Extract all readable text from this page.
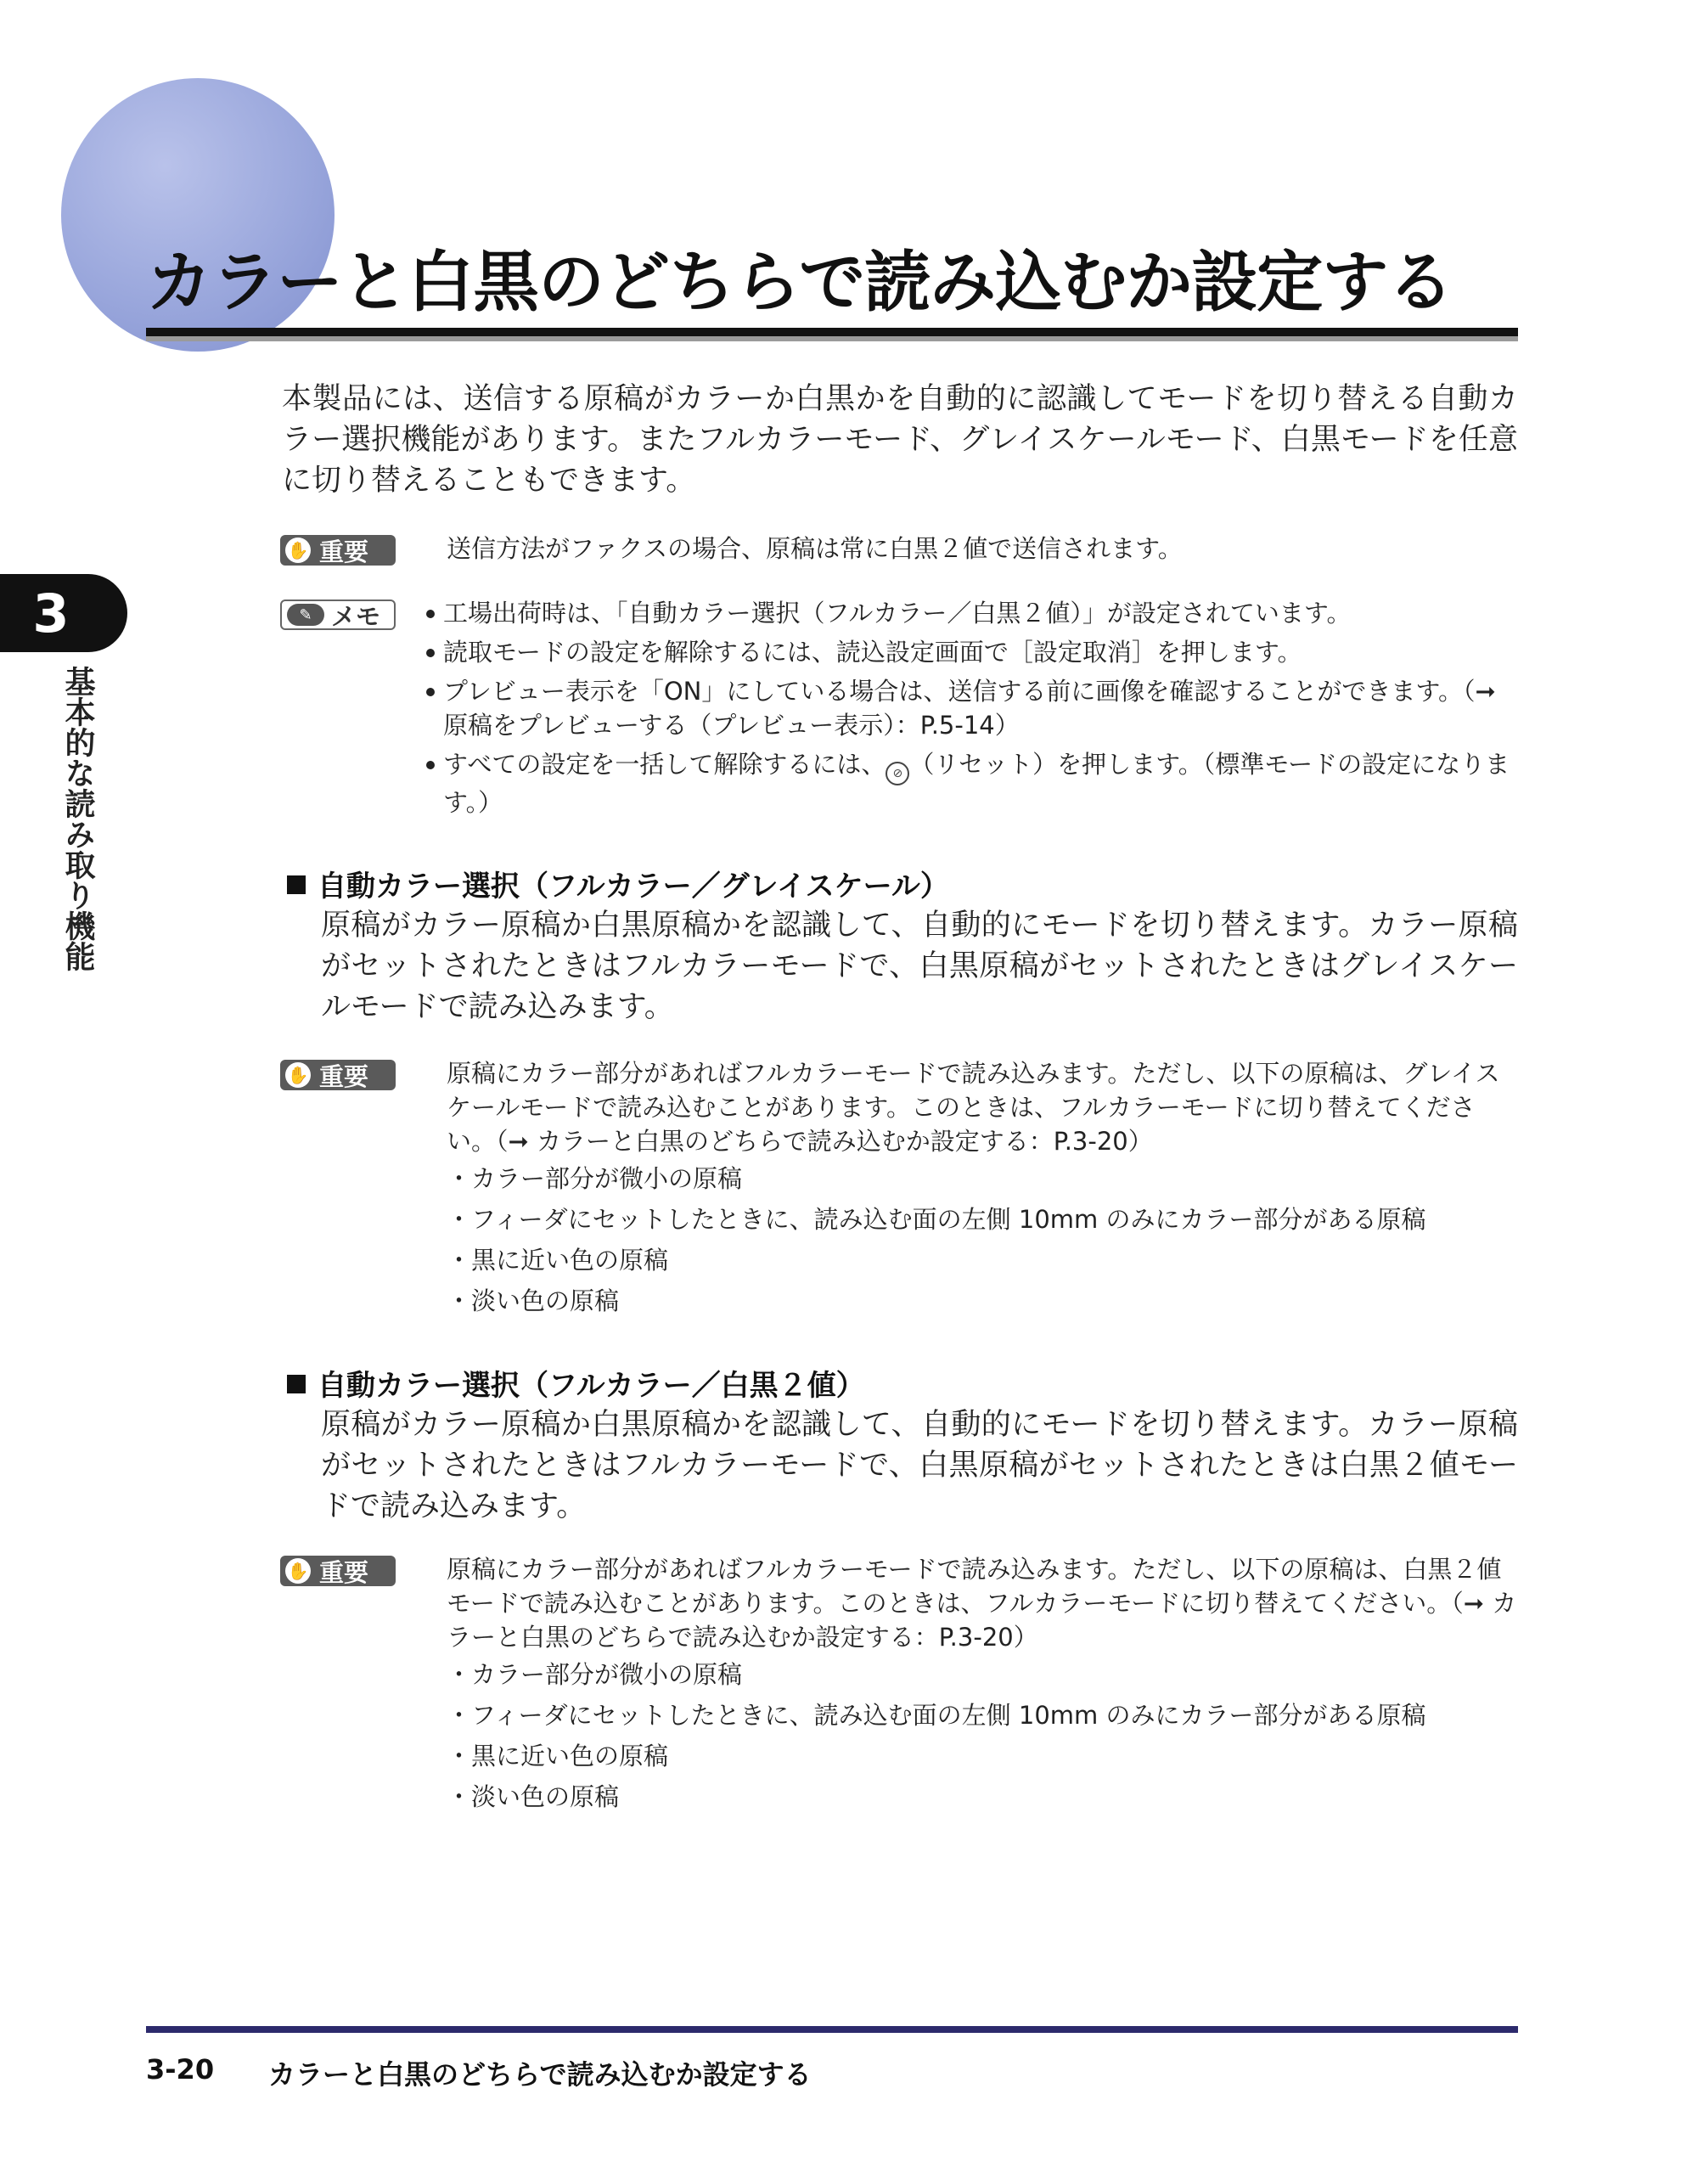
カラーと白黒のどちらで読み込むか設定する
3
基本的な読み取り機能
本製品には、送信する原稿がカラーか白黒かを自動的に認識してモードを切り替える自動カラー選択機能があります。またフルカラーモード、グレイスケールモード、白黒モードを任意に切り替えることもできます。
✋ 重要	送信方法がファクスの場合、原稿は常に白黒２値で送信されます。

✎ メモ	工場出荷時は、「自動カラー選択（フルカラー／白黒２値）」が設定されています。
読取モードの設定を解除するには、読込設定画面で［設定取消］を押します。
プレビュー表示を「ON」にしている場合は、送信する前に画像を確認することができます。（➞ 原稿をプレビューする（プレビュー表示）：P.5-14）
すべての設定を一括して解除するには、 ⊘ （リセット）を押します。（標準モードの設定になります。）
自動カラー選択（フルカラー／グレイスケール）
原稿がカラー原稿か白黒原稿かを認識して、自動的にモードを切り替えます。カラー原稿がセットされたときはフルカラーモードで、白黒原稿がセットされたときはグレイスケールモードで読み込みます。
✋ 重要	原稿にカラー部分があればフルカラーモードで読み込みます。ただし、以下の原稿は、グレイスケールモードで読み込むことがあります。このときは、フルカラーモードに切り替えてください。（➞ カラーと白黒のどちらで読み込むか設定する：P.3-20）

・カラー部分が微小の原稿
・フィーダにセットしたときに、読み込む面の左側 10mm のみにカラー部分がある原稿
・黒に近い色の原稿
・淡い色の原稿
自動カラー選択（フルカラー／白黒２値）
原稿がカラー原稿か白黒原稿かを認識して、自動的にモードを切り替えます。カラー原稿がセットされたときはフルカラーモードで、白黒原稿がセットされたときは白黒２値モードで読み込みます。
✋ 重要	原稿にカラー部分があればフルカラーモードで読み込みます。ただし、以下の原稿は、白黒２値モードで読み込むことがあります。このときは、フルカラーモードに切り替えてください。（➞ カラーと白黒のどちらで読み込むか設定する：P.3-20）

・カラー部分が微小の原稿
・フィーダにセットしたときに、読み込む面の左側 10mm のみにカラー部分がある原稿
・黒に近い色の原稿
・淡い色の原稿
3-20 カラーと白黒のどちらで読み込むか設定する
